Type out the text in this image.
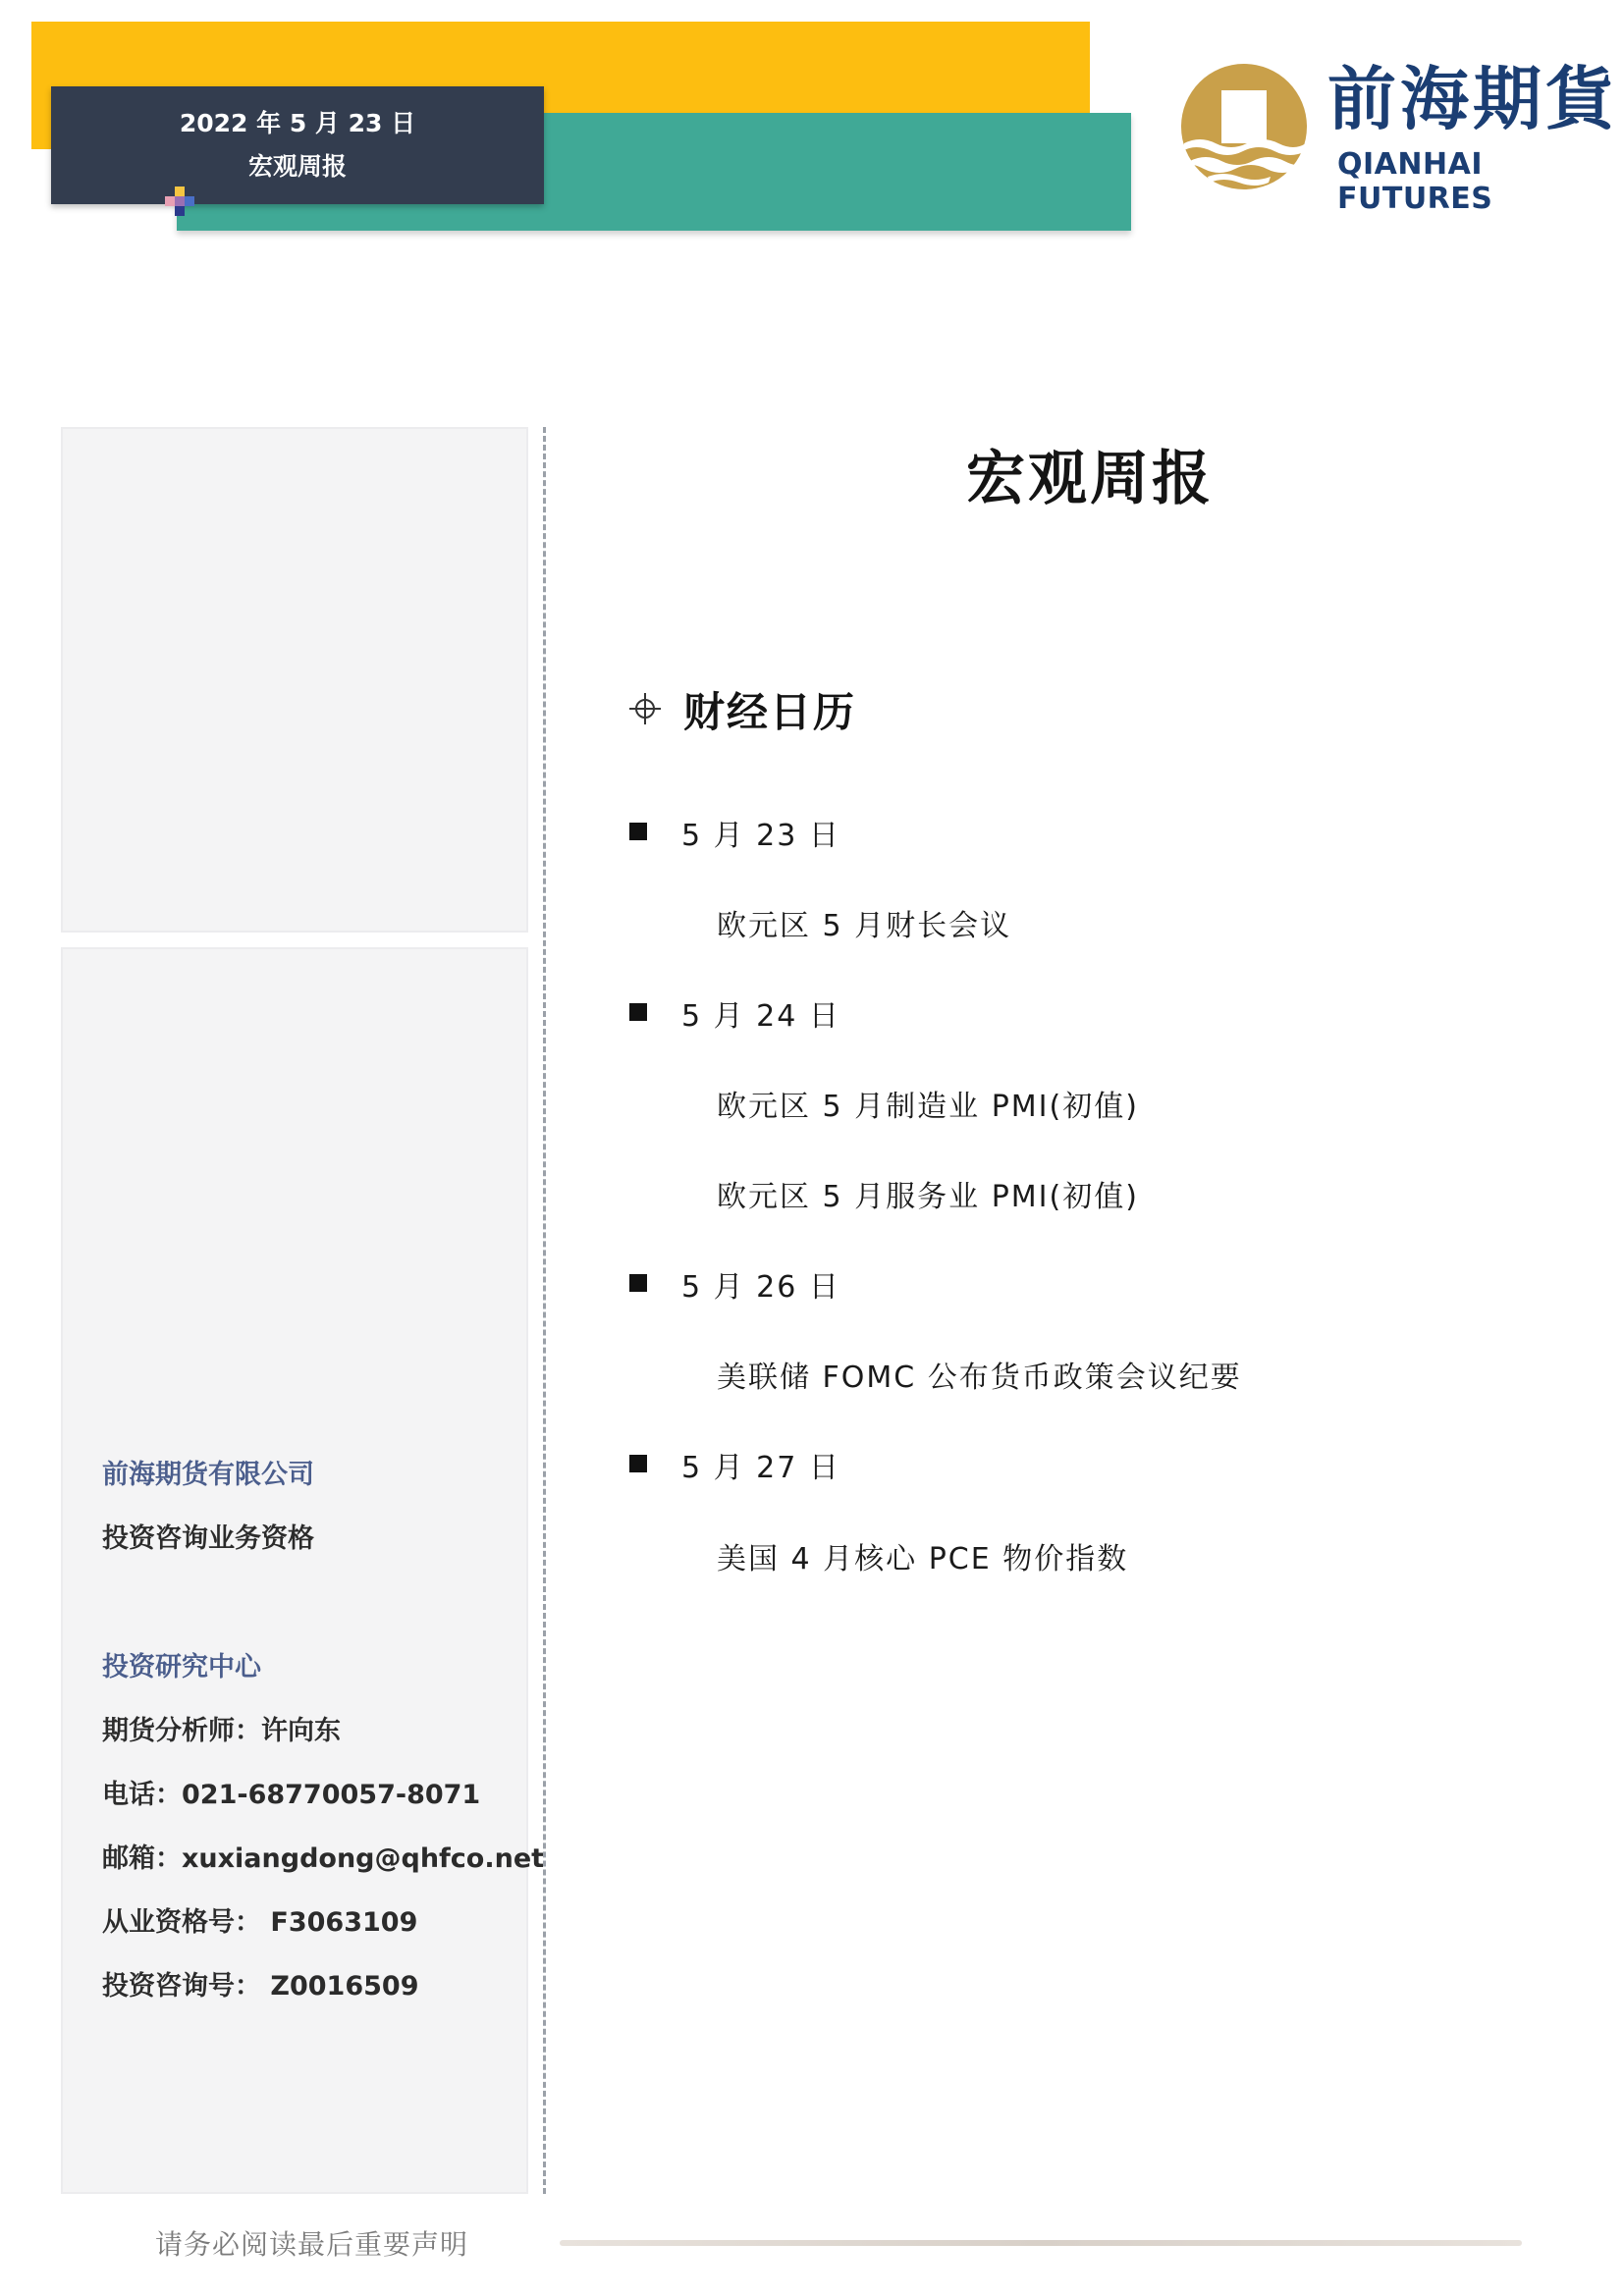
2022 年 5 月 23 日
宏观周报
前海期貨
QIANHAI FUTURES
前海期货有限公司
投资咨询业务资格
投资研究中心
期货分析师：许向东
电话：021-68770057-8071
邮箱：xuxiangdong@qhfco.net
从业资格号： F3063109
投资咨询号： Z0016509
宏观周报
财经日历
5 月 23 日
欧元区 5 月财长会议
5 月 24 日
欧元区 5 月制造业 PMI(初值)
欧元区 5 月服务业 PMI(初值)
5 月 26 日
美联储 FOMC 公布货币政策会议纪要
5 月 27 日
美国 4 月核心 PCE 物价指数
请务必阅读最后重要声明
